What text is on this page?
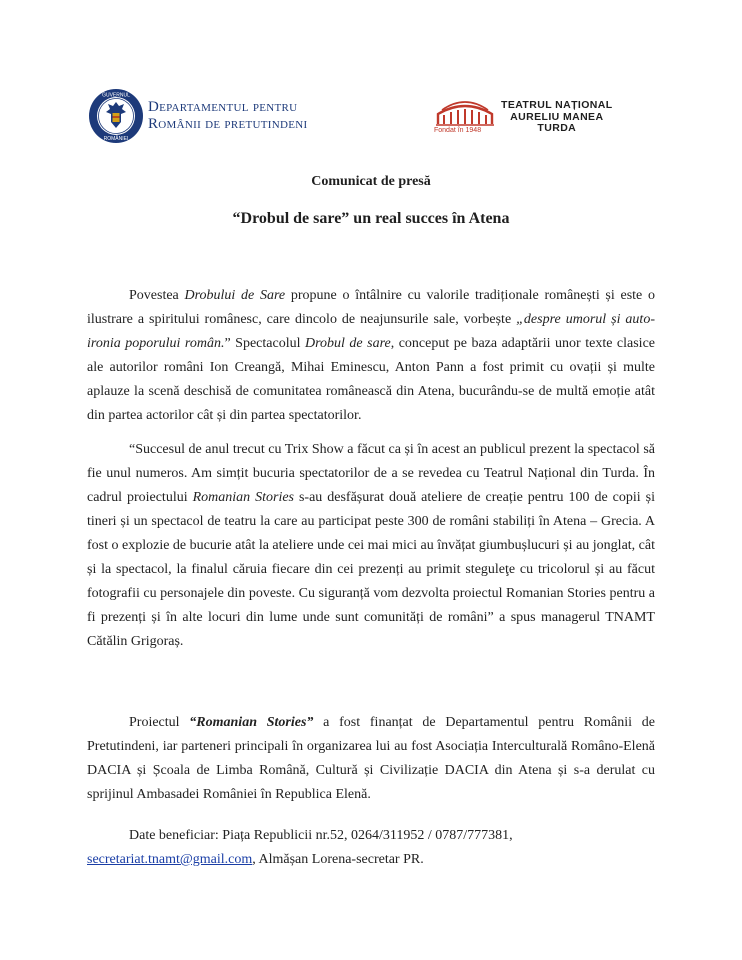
GUVERNUL
ROMÂNIEI
Departamentul pentru
Românii de pretutindeni	Fondat în 1948
TEATRUL NAȚIONAL
AURELIU MANEA
TURDA
Comunicat de presă
“Drobul de sare” un real succes în Atena

Povestea Drobului de Sare propune o întâlnire cu valorile tradiționale românești și este o ilustrare a spiritului românesc, care dincolo de neajunsurile sale, vorbește „despre umorul și auto-ironia poporului român.” Spectacolul Drobul de sare, conceput pe baza adaptării unor texte clasice ale autorilor români Ion Creangă, Mihai Eminescu, Anton Pann a fost primit cu ovații și multe aplauze la scenă deschisă de comunitatea românească din Atena, bucurându-se de multă emoție atât din partea actorilor cât și din partea spectatorilor.

“Succesul de anul trecut cu Trix Show a făcut ca și în acest an publicul prezent la spectacol să fie unul numeros. Am simțit bucuria spectatorilor de a se revedea cu Teatrul Național din Turda. În cadrul proiectului Romanian Stories s-au desfășurat două ateliere de creație pentru 100 de copii și tineri și un spectacol de teatru la care au participat peste 300 de români stabiliți în Atena – Grecia. A fost o explozie de bucurie atât la ateliere unde cei mai mici au învățat giumbușlucuri și au jonglat, cât și la spectacol, la finalul căruia fiecare din cei prezenți au primit steguleţe cu tricolorul și au făcut fotografii cu personajele din poveste. Cu siguranță vom dezvolta proiectul Romanian Stories pentru a fi prezenți și în alte locuri din lume unde sunt comunități de români” a spus managerul TNAMT Cătălin Grigoraș.

Proiectul “Romanian Stories” a fost finanțat de Departamentul pentru Românii de Pretutindeni, iar parteneri principali în organizarea lui au fost Asociația Interculturală Româno-Elenă DACIA și Școala de Limba Română, Cultură și Civilizație DACIA din Atena și s-a derulat cu sprijinul Ambasadei României în Republica Elenă.

Date beneficiar: Piața Republicii nr.52, 0264/311952 / 0787/777381,
secretariat.tnamt@gmail.com, Almășan Lorena-secretar PR.
